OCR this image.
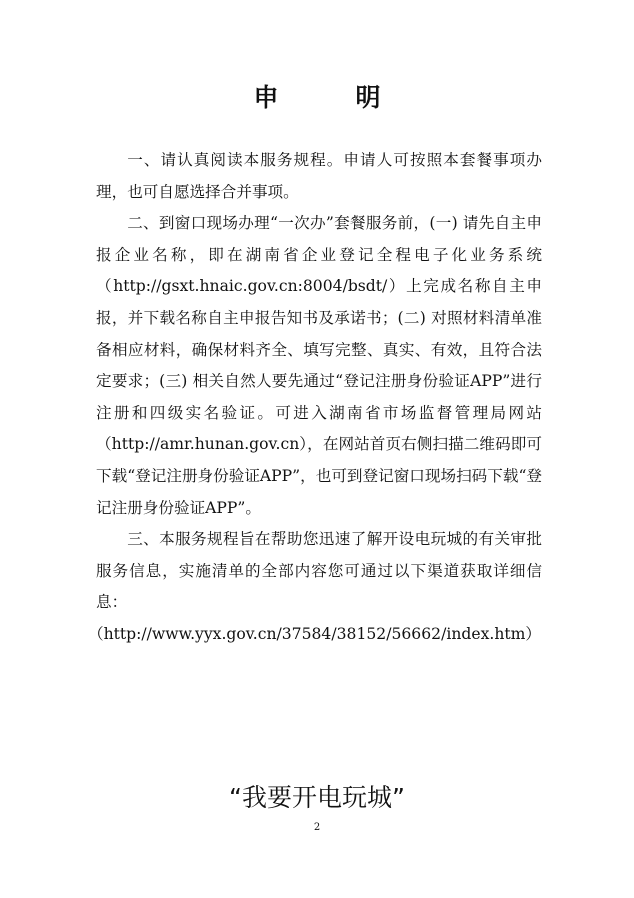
申　明

一、请认真阅读本服务规程。申请人可按照本套餐事项办理，也可自愿选择合并事项。

二、到窗口现场办理“一次办”套餐服务前，(一) 请先自主申报企业名称，即在湖南省企业登记全程电子化业务系统（http://gsxt.hnaic.gov.cn:8004/bsdt/）上完成名称自主申报，并下载名称自主申报告知书及承诺书；(二) 对照材料清单准备相应材料，确保材料齐全、填写完整、真实、有效，且符合法定要求；(三) 相关自然人要先通过“登记注册身份验证APP”进行注册和四级实名验证。可进入湖南省市场监督管理局网站（http://amr.hunan.gov.cn），在网站首页右侧扫描二维码即可下载“登记注册身份验证APP”，也可到登记窗口现场扫码下载“登记注册身份验证APP”。

三、本服务规程旨在帮助您迅速了解开设电玩城的有关审批服务信息，实施清单的全部内容您可通过以下渠道获取详细信息：

（http://www.yyx.gov.cn/37584/38152/56662/index.htm）

“我要开电玩城”
2
